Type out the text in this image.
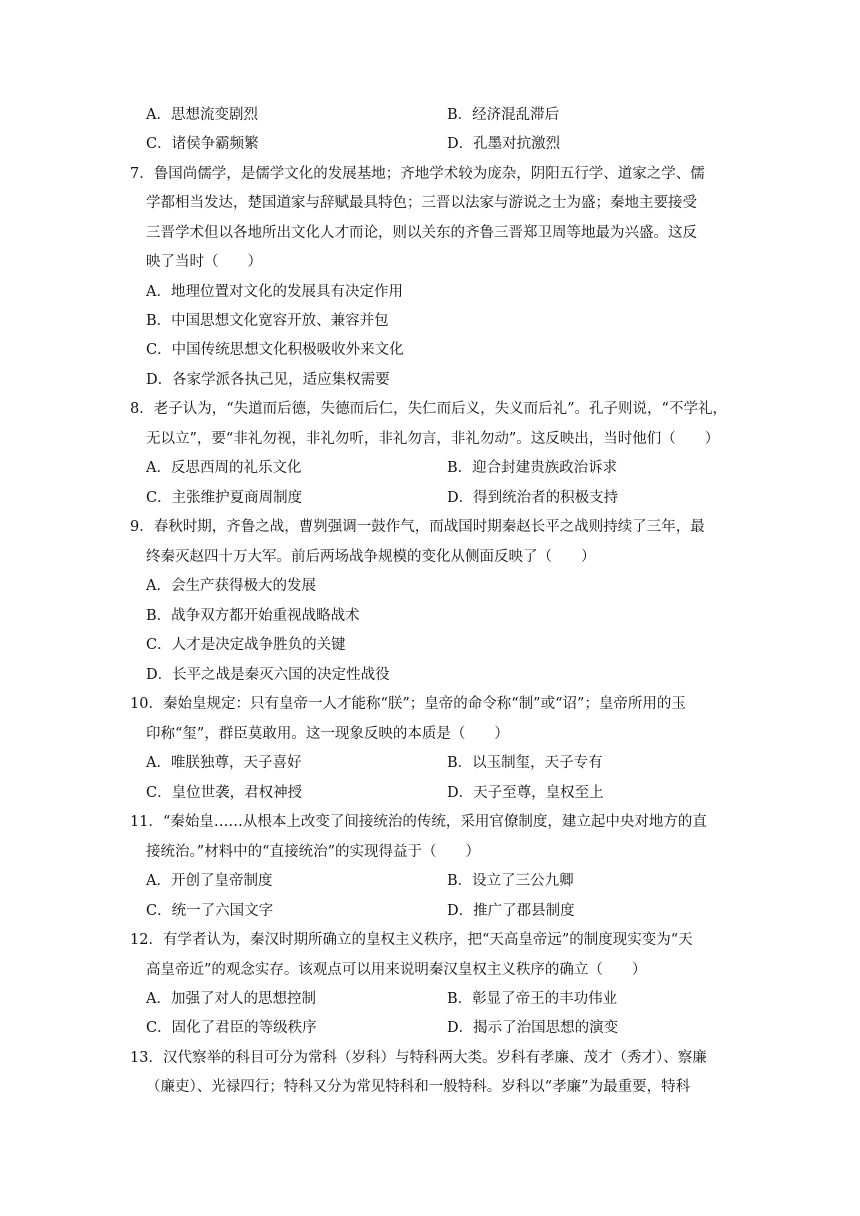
A．思想流变剧烈	B．经济混乱滞后
C．诸侯争霸频繁	D．孔墨对抗激烈
7．鲁国尚儒学，是儒学文化的发展基地；齐地学术较为庞杂，阴阳五行学、道家之学、儒
学都相当发达，楚国道家与辞赋最具特色；三晋以法家与游说之士为盛；秦地主要接受
三晋学术但以各地所出文化人才而论，则以关东的齐鲁三晋郑卫周等地最为兴盛。这反
映了当时（　　）
A．地理位置对文化的发展具有决定作用
B．中国思想文化宽容开放、兼容并包
C．中国传统思想文化积极吸收外来文化
D．各家学派各执己见，适应集权需要
8．老子认为，“失道而后德，失德而后仁，失仁而后义，失义而后礼”。孔子则说，“不学礼，
无以立”，要“非礼勿视，非礼勿听，非礼勿言，非礼勿动”。这反映出，当时他们（　　）
A．反思西周的礼乐文化	B．迎合封建贵族政治诉求
C．主张维护夏商周制度	D．得到统治者的积极支持
9．春秋时期，齐鲁之战，曹刿强调一鼓作气，而战国时期秦赵长平之战则持续了三年，最
终秦灭赵四十万大军。前后两场战争规模的变化从侧面反映了（　　）
A．会生产获得极大的发展
B．战争双方都开始重视战略战术
C．人才是决定战争胜负的关键
D．长平之战是秦灭六国的决定性战役
10．秦始皇规定：只有皇帝一人才能称“朕”；皇帝的命令称“制”或“诏”；皇帝所用的玉
印称“玺”，群臣莫敢用。这一现象反映的本质是（　　）
A．唯朕独尊，天子喜好	B．以玉制玺，天子专有
C．皇位世袭，君权神授	D．天子至尊，皇权至上
11．“秦始皇……从根本上改变了间接统治的传统，采用官僚制度，建立起中央对地方的直
接统治。”材料中的“直接统治”的实现得益于（　　）
A．开创了皇帝制度	B．设立了三公九卿
C．统一了六国文字	D．推广了郡县制度
12．有学者认为，秦汉时期所确立的皇权主义秩序，把“天高皇帝远”的制度现实变为“天
高皇帝近”的观念实存。该观点可以用来说明秦汉皇权主义秩序的确立（　　）
A．加强了对人的思想控制	B．彰显了帝王的丰功伟业
C．固化了君臣的等级秩序	D．揭示了治国思想的演变
13．汉代察举的科目可分为常科（岁科）与特科两大类。岁科有孝廉、茂才（秀才）、察廉
（廉吏）、光禄四行；特科又分为常见特科和一般特科。岁科以“孝廉”为最重要，特科
